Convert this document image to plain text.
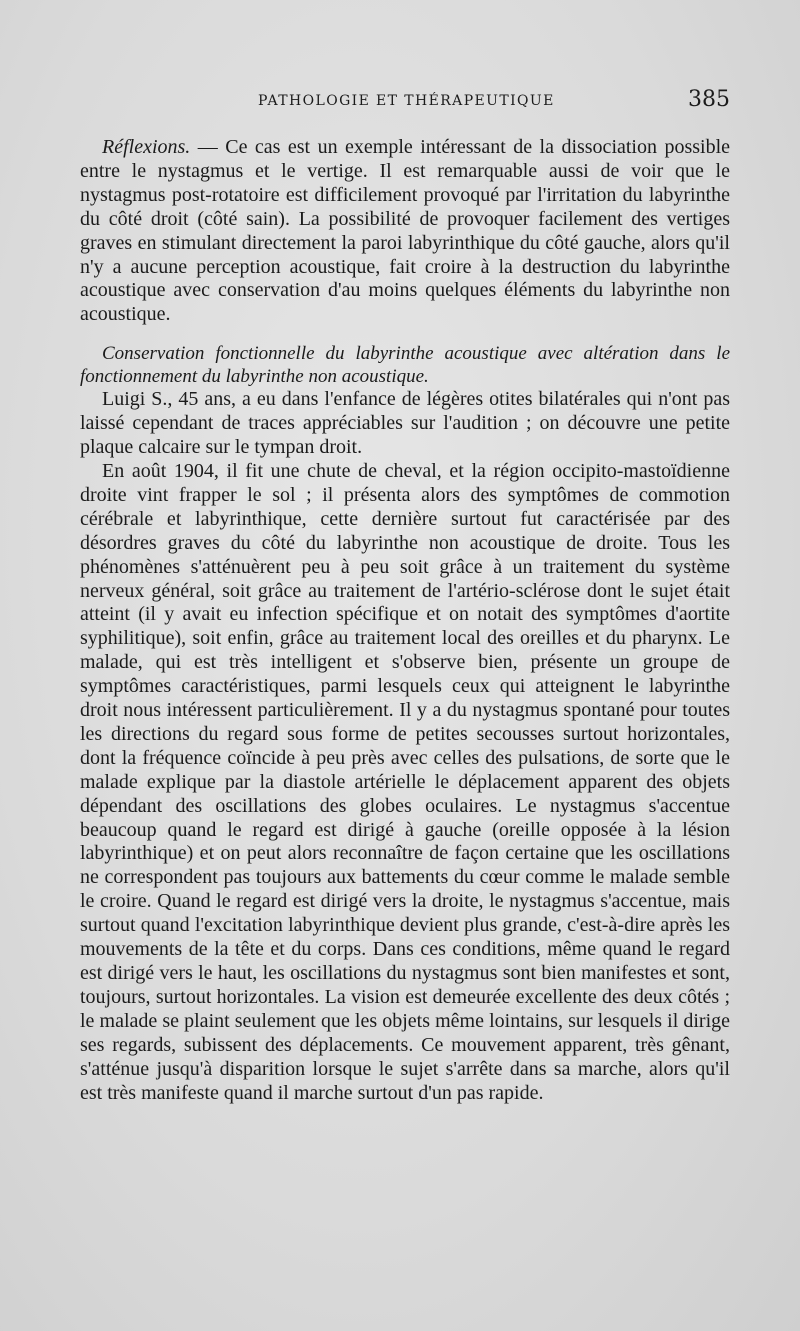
PATHOLOGIE ET THÉRAPEUTIQUE	385

Réflexions. — Ce cas est un exemple intéressant de la dissociation possible entre le nystagmus et le vertige. Il est remarquable aussi de voir que le nystagmus post-rotatoire est difficilement provoqué par l'irritation du labyrinthe du côté droit (côté sain). La possibilité de provoquer facilement des vertiges graves en stimulant directement la paroi labyrinthique du côté gauche, alors qu'il n'y a aucune perception acoustique, fait croire à la destruction du labyrinthe acoustique avec conservation d'au moins quelques éléments du labyrinthe non acoustique.

Conservation fonctionnelle du labyrinthe acoustique avec altération dans le fonctionnement du labyrinthe non acoustique.

Luigi S., 45 ans, a eu dans l'enfance de légères otites bilatérales qui n'ont pas laissé cependant de traces appréciables sur l'audition ; on découvre une petite plaque calcaire sur le tympan droit.

En août 1904, il fit une chute de cheval, et la région occipito-mastoïdienne droite vint frapper le sol ; il présenta alors des symptômes de commotion cérébrale et labyrinthique, cette dernière surtout fut caractérisée par des désordres graves du côté du labyrinthe non acoustique de droite. Tous les phénomènes s'atténuèrent peu à peu soit grâce à un traitement du système nerveux général, soit grâce au traitement de l'artério-sclérose dont le sujet était atteint (il y avait eu infection spécifique et on notait des symptômes d'aortite syphilitique), soit enfin, grâce au traitement local des oreilles et du pharynx. Le malade, qui est très intelligent et s'observe bien, présente un groupe de symptômes caractéristiques, parmi lesquels ceux qui atteignent le labyrinthe droit nous intéressent particulièrement. Il y a du nystagmus spontané pour toutes les directions du regard sous forme de petites secousses surtout horizontales, dont la fréquence coïncide à peu près avec celles des pulsations, de sorte que le malade explique par la diastole artérielle le déplacement apparent des objets dépendant des oscillations des globes oculaires. Le nystagmus s'accentue beaucoup quand le regard est dirigé à gauche (oreille opposée à la lésion labyrinthique) et on peut alors reconnaître de façon certaine que les oscillations ne correspondent pas toujours aux battements du cœur comme le malade semble le croire. Quand le regard est dirigé vers la droite, le nystagmus s'accentue, mais surtout quand l'excitation labyrinthique devient plus grande, c'est-à-dire après les mouvements de la tête et du corps. Dans ces conditions, même quand le regard est dirigé vers le haut, les oscillations du nystagmus sont bien manifestes et sont, toujours, surtout horizontales. La vision est demeurée excellente des deux côtés ; le malade se plaint seulement que les objets même lointains, sur lesquels il dirige ses regards, subissent des déplacements. Ce mouvement apparent, très gênant, s'atténue jusqu'à disparition lorsque le sujet s'arrête dans sa marche, alors qu'il est très manifeste quand il marche surtout d'un pas rapide.
